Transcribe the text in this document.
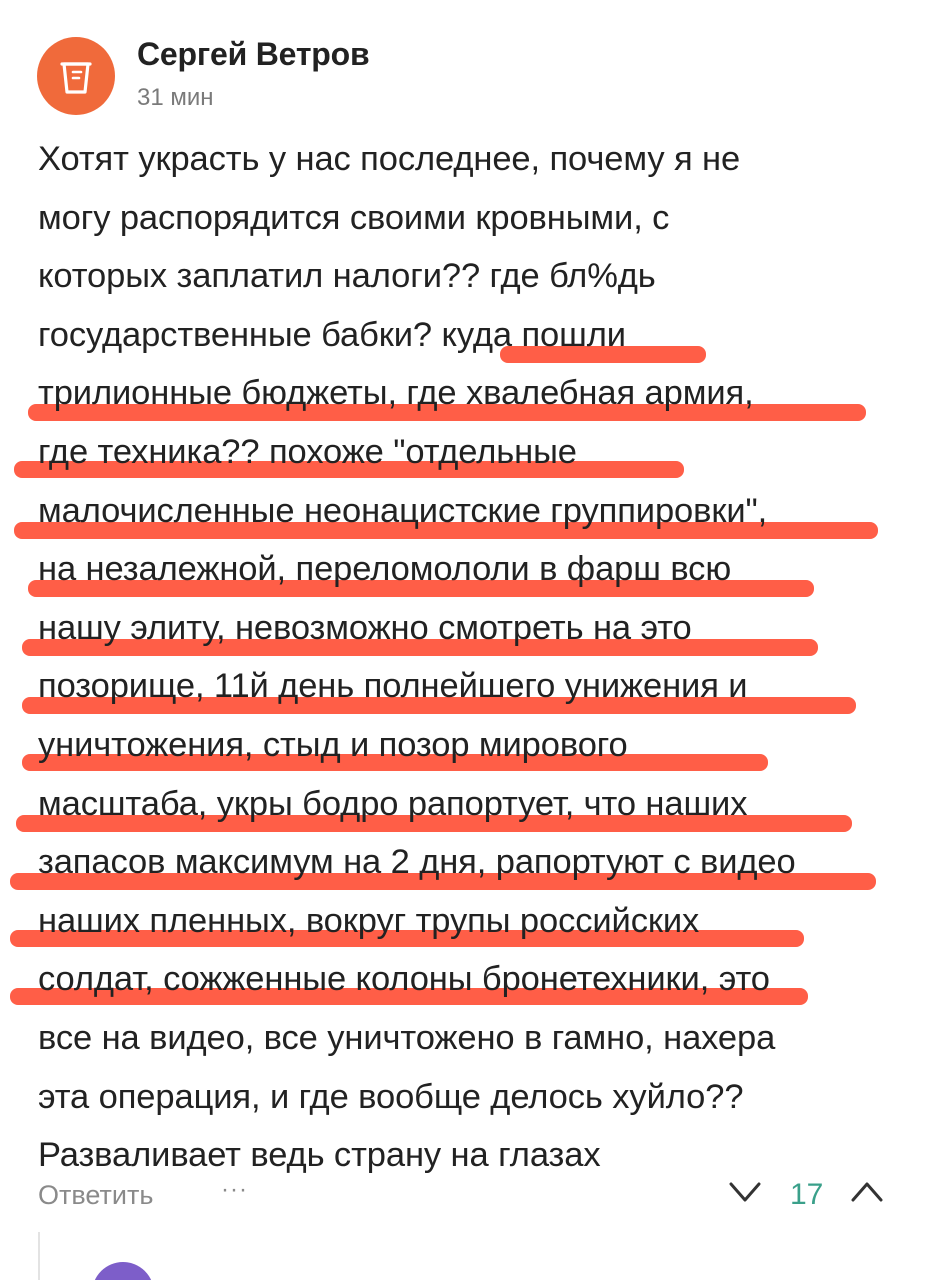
Сергей Ветров
31 мин
Хотят украсть у нас последнее, почему я не
могу распорядится своими кровными, с
которых заплатил налоги?? где бл%дь
государственные бабки? куда пошли
трилионные бюджеты, где хвалебная армия,
где техника?? похоже "отдельные
малочисленные неонацистские группировки",
на незалежной, переломололи в фарш всю
нашу элиту, невозможно смотреть на это
позорище, 11й день полнейшего унижения и
уничтожения, стыд и позор мирового
масштаба, укры бодро рапортует, что наших
запасов максимум на 2 дня, рапортуют с видео
наших пленных, вокруг трупы российских
солдат, сожженные колоны бронетехники, это
все на видео, все уничтожено в гамно, нахера
эта операция, и где вообще делось хуйло??
Разваливает ведь страну на глазах
Ответить	···	17
